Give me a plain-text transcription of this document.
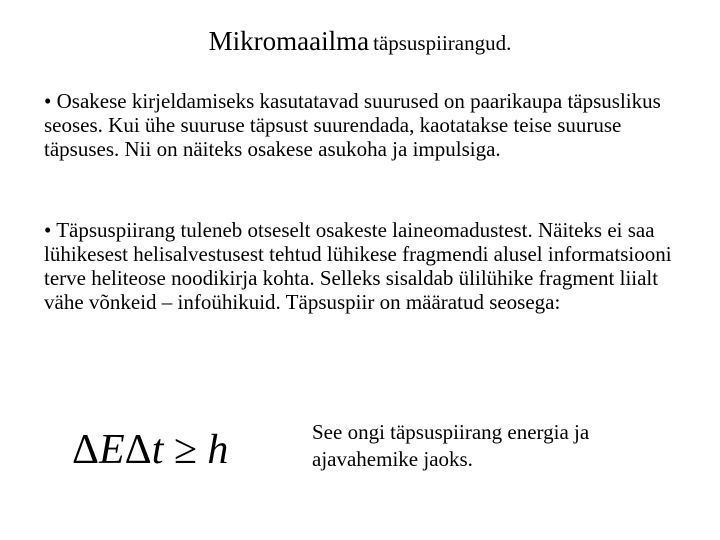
Mikromaailma täpsuspiirangud.

• Osakese kirjeldamiseks kasutatavad suurused on paarikaupa täpsuslikus seoses. Kui ühe suuruse täpsust suurendada, kaotatakse teise suuruse täpsuses. Nii on näiteks osakese asukoha ja impulsiga.

• Täpsuspiirang tuleneb otseselt osakeste laineomadustest. Näiteks ei saa lühikesest helisalvestusest tehtud lühikese fragmendi alusel informatsiooni terve heliteose noodikirja kohta. Selleks sisaldab ülilühike fragment liialt vähe võnkeid – infoühikuid. Täpsuspiir on määratud seosega:

ΔEΔt ≥ h	See ongi täpsuspiirang energia ja ajavahemike jaoks.
